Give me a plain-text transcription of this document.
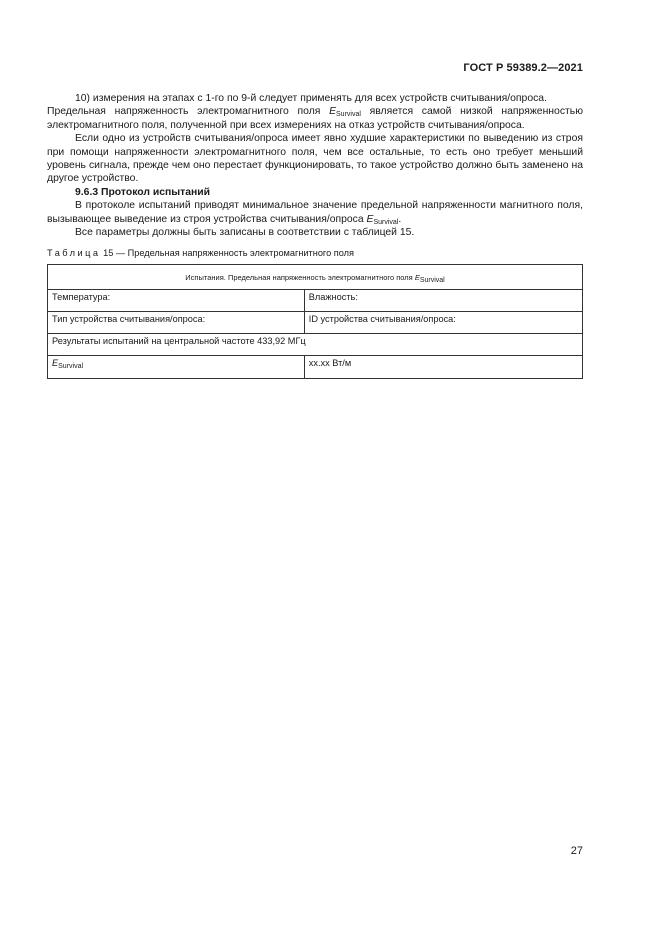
ГОСТ Р 59389.2—2021

10) измерения на этапах с 1-го по 9-й следует применять для всех устройств считывания/опроса.

Предельная напряженность электромагнитного поля $E_{Survival}$ является самой низкой напряженностью электромагнитного поля, полученной при всех измерениях на отказ устройств считывания/опроса.

Если одно из устройств считывания/опроса имеет явно худшие характеристики по выведению из строя при помощи напряженности электромагнитного поля, чем все остальные, то есть оно требует меньший уровень сигнала, прежде чем оно перестает функционировать, то такое устройство должно быть заменено на другое устройство.

9.6.3 Протокол испытаний

В протоколе испытаний приводят минимальное значение предельной напряженности магнитного поля, вызывающее выведение из строя устройства считывания/опроса $E_{Survival}$.

Все параметры должны быть записаны в соответствии с таблицей 15.

Таблица 15 — Предельная напряженность электромагнитного поля
Испытания. Предельная напряженность электромагнитного поля $E_{Survival}$
Температура:	Влажность:
Тип устройства считывания/опроса:	ID устройства считывания/опроса:
Результаты испытаний на центральной частоте 433,92 МГц	
$E_{Survival}$	xx.xx Вт/м
27
